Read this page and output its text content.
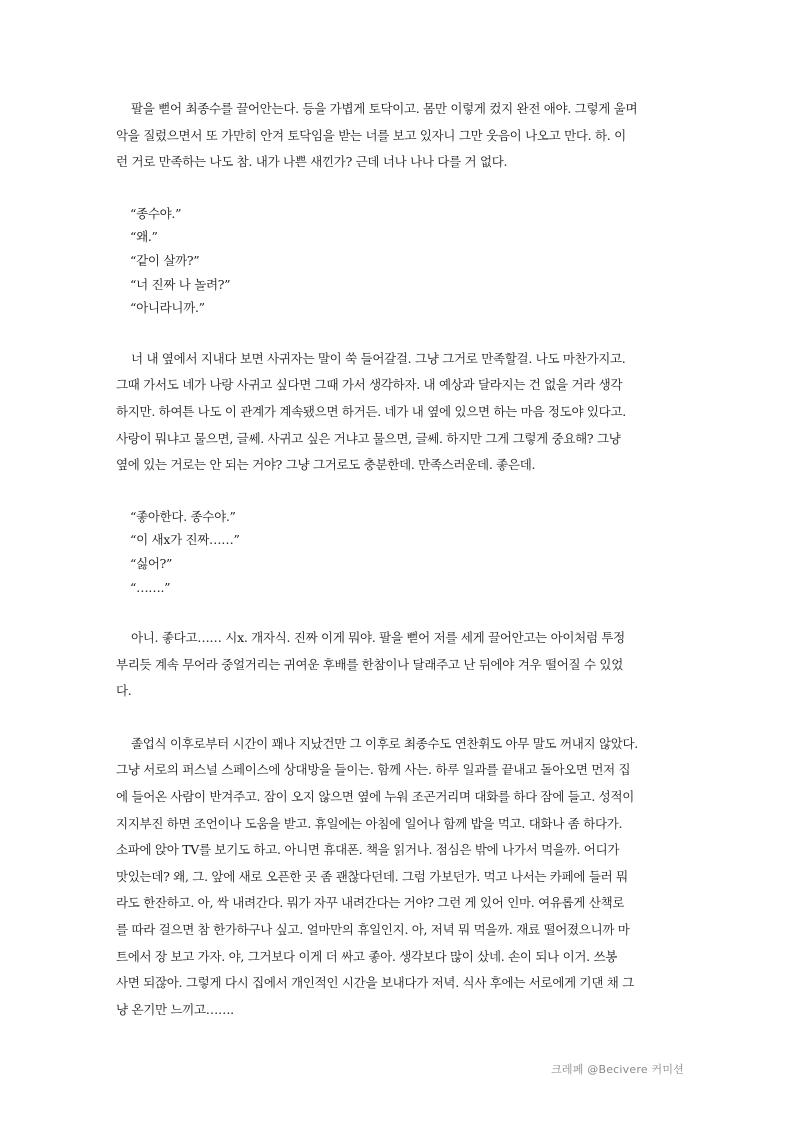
팔을 뻗어 최종수를 끌어안는다. 등을 가볍게 토닥이고. 몸만 이렇게 컸지 완전 애야. 그렇게 울며
악을 질렀으면서 또 가만히 안겨 토닥임을 받는 너를 보고 있자니 그만 웃음이 나오고 만다. 하. 이
런 거로 만족하는 나도 참. 내가 나쁜 새낀가? 근데 너나 나나 다를 거 없다.

“종수야.”
“왜.”
“같이 살까?”
“너 진짜 나 놀려?”
“아니라니까.”

너 내 옆에서 지내다 보면 사귀자는 말이 쑥 들어갈걸. 그냥 그거로 만족할걸. 나도 마찬가지고.
그때 가서도 네가 나랑 사귀고 싶다면 그때 가서 생각하자. 내 예상과 달라지는 건 없을 거라 생각
하지만. 하여튼 나도 이 관계가 계속됐으면 하거든. 네가 내 옆에 있으면 하는 마음 정도야 있다고.
사랑이 뭐냐고 물으면, 글쎄. 사귀고 싶은 거냐고 물으면, 글쎄. 하지만 그게 그렇게 중요해? 그냥
옆에 있는 거로는 안 되는 거야? 그냥 그거로도 충분한데. 만족스러운데. 좋은데.

“좋아한다. 종수야.”
“이 새x가 진짜……”
“싫어?”
“…….”

아니. 좋다고…… 시x. 개자식. 진짜 이게 뭐야. 팔을 뻗어 저를 세게 끌어안고는 아이처럼 투정
부리듯 계속 무어라 중얼거리는 귀여운 후배를 한참이나 달래주고 난 뒤에야 겨우 떨어질 수 있었
다.

졸업식 이후로부터 시간이 꽤나 지났건만 그 이후로 최종수도 연찬휘도 아무 말도 꺼내지 않았다.
그냥 서로의 퍼스널 스페이스에 상대방을 들이는. 함께 사는. 하루 일과를 끝내고 돌아오면 먼저 집
에 들어온 사람이 반겨주고. 잠이 오지 않으면 옆에 누워 조곤거리며 대화를 하다 잠에 들고. 성적이
지지부진 하면 조언이나 도움을 받고. 휴일에는 아침에 일어나 함께 밥을 먹고. 대화나 좀 하다가.
소파에 앉아 TV를 보기도 하고. 아니면 휴대폰. 책을 읽거나. 점심은 밖에 나가서 먹을까. 어디가
맛있는데? 왜, 그. 앞에 새로 오픈한 곳 좀 괜찮다던데. 그럼 가보던가. 먹고 나서는 카페에 들러 뭐
라도 한잔하고. 아, 싹 내려간다. 뭐가 자꾸 내려간다는 거야? 그런 게 있어 인마. 여유롭게 산책로
를 따라 걸으면 참 한가하구나 싶고. 얼마만의 휴일인지. 아, 저녁 뭐 먹을까. 재료 떨어졌으니까 마
트에서 장 보고 가자. 야, 그거보다 이게 더 싸고 좋아. 생각보다 많이 샀네. 손이 되나 이거. 쓰봉
사면 되잖아. 그렇게 다시 집에서 개인적인 시간을 보내다가 저녁. 식사 후에는 서로에게 기댄 채 그
냥 온기만 느끼고…….

크레페 @Becivere 커미션
